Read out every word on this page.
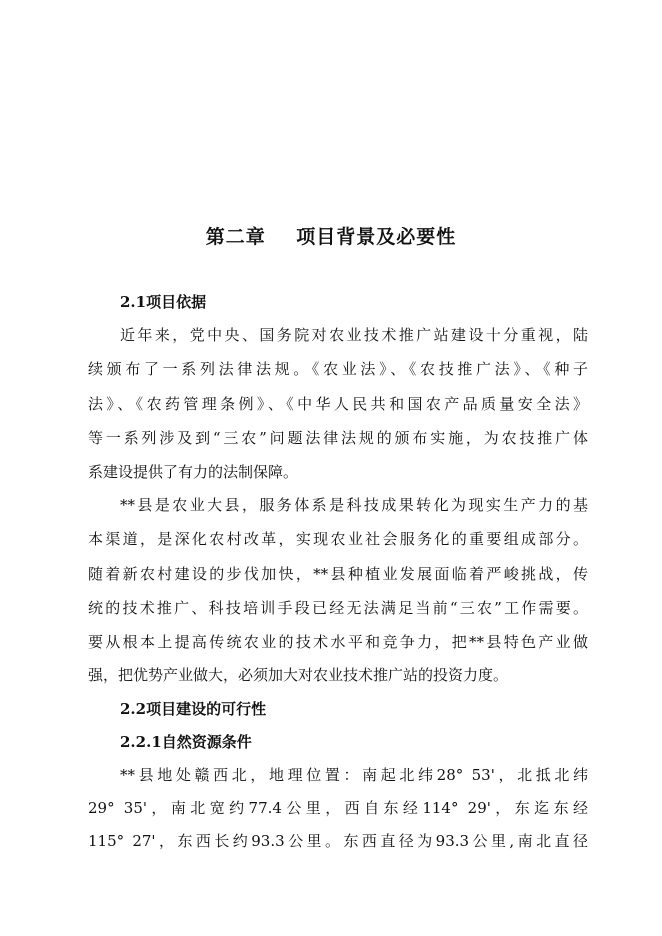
第二章    项目背景及必要性
2.1项目依据
近年来，党中央、国务院对农业技术推广站建设十分重视，陆
续颁布了一系列法律法规。《农业法》、《农技推广法》、《种子
法》、《农药管理条例》、《中华人民共和国农产品质量安全法》
等一系列涉及到“三农”问题法律法规的颁布实施，为农技推广体
系建设提供了有力的法制保障。
**县是农业大县，服务体系是科技成果转化为现实生产力的基
本渠道，是深化农村改革，实现农业社会服务化的重要组成部分。
随着新农村建设的步伐加快，**县种植业发展面临着严峻挑战，传
统的技术推广、科技培训手段已经无法满足当前“三农”工作需要。
要从根本上提高传统农业的技术水平和竞争力，把**县特色产业做
强，把优势产业做大，必须加大对农业技术推广站的投资力度。
2.2项目建设的可行性
2.2.1自然资源条件
**县地处赣西北，地理位置：南起北纬28° 53'，北抵北纬
29° 35'，南北宽约77.4公里，西自东经114° 29'，东迄东经
115° 27'，东西长约93.3公里。东西直径为93.3公里,南北直径
